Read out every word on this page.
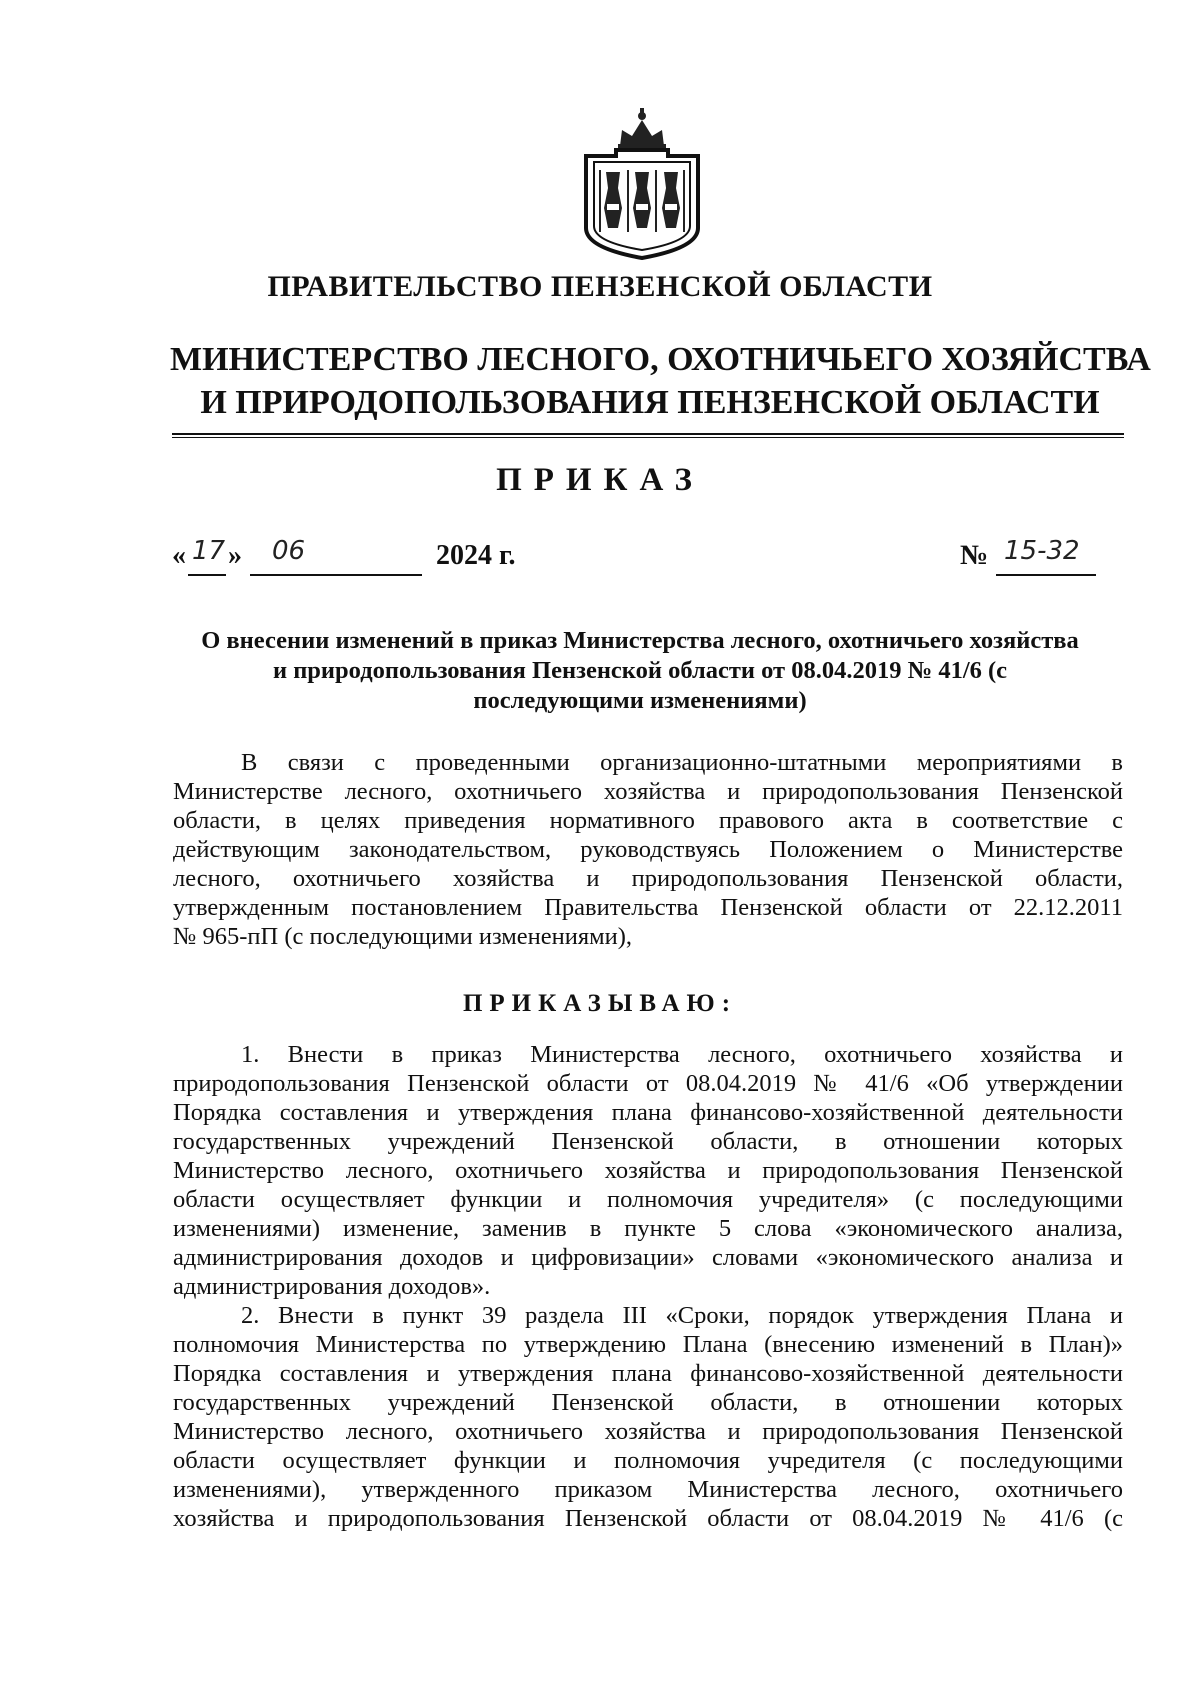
ПРАВИТЕЛЬСТВО ПЕНЗЕНСКОЙ ОБЛАСТИ
МИНИСТЕРСТВО ЛЕСНОГО, ОХОТНИЧЬЕГО ХОЗЯЙСТВА
И ПРИРОДОПОЛЬЗОВАНИЯ ПЕНЗЕНСКОЙ ОБЛАСТИ
ПРИКАЗ
« 17 » 06	2024 г.	№ 15-32
О внесении изменений в приказ Министерства лесного, охотничьего хозяйства
и природопользования Пензенской области от 08.04.2019 № 41/6 (с
последующими изменениями)
В связи с проведенными организационно-штатными мероприятиями в
Министерстве лесного, охотничьего хозяйства и природопользования Пензенской
области, в целях приведения нормативного правового акта в соответствие с
действующим законодательством, руководствуясь Положением о Министерстве
лесного, охотничьего хозяйства и природопользования Пензенской области,
утвержденным постановлением Правительства Пензенской области от 22.12.2011
№ 965-пП (с последующими изменениями),
ПРИКАЗЫВАЮ:
1. Внести в приказ Министерства лесного, охотничьего хозяйства и
природопользования Пензенской области от 08.04.2019 № 41/6 «Об утверждении
Порядка составления и утверждения плана финансово-хозяйственной деятельности
государственных учреждений Пензенской области, в отношении которых
Министерство лесного, охотничьего хозяйства и природопользования Пензенской
области осуществляет функции и полномочия учредителя» (с последующими
изменениями) изменение, заменив в пункте 5 слова «экономического анализа,
администрирования доходов и цифровизации» словами «экономического анализа и
администрирования доходов».
2. Внести в пункт 39 раздела III «Сроки, порядок утверждения Плана и
полномочия Министерства по утверждению Плана (внесению изменений в План)»
Порядка составления и утверждения плана финансово-хозяйственной деятельности
государственных учреждений Пензенской области, в отношении которых
Министерство лесного, охотничьего хозяйства и природопользования Пензенской
области осуществляет функции и полномочия учредителя (с последующими
изменениями), утвержденного приказом Министерства лесного, охотничьего
хозяйства и природопользования Пензенской области от 08.04.2019 № 41/6 (с
